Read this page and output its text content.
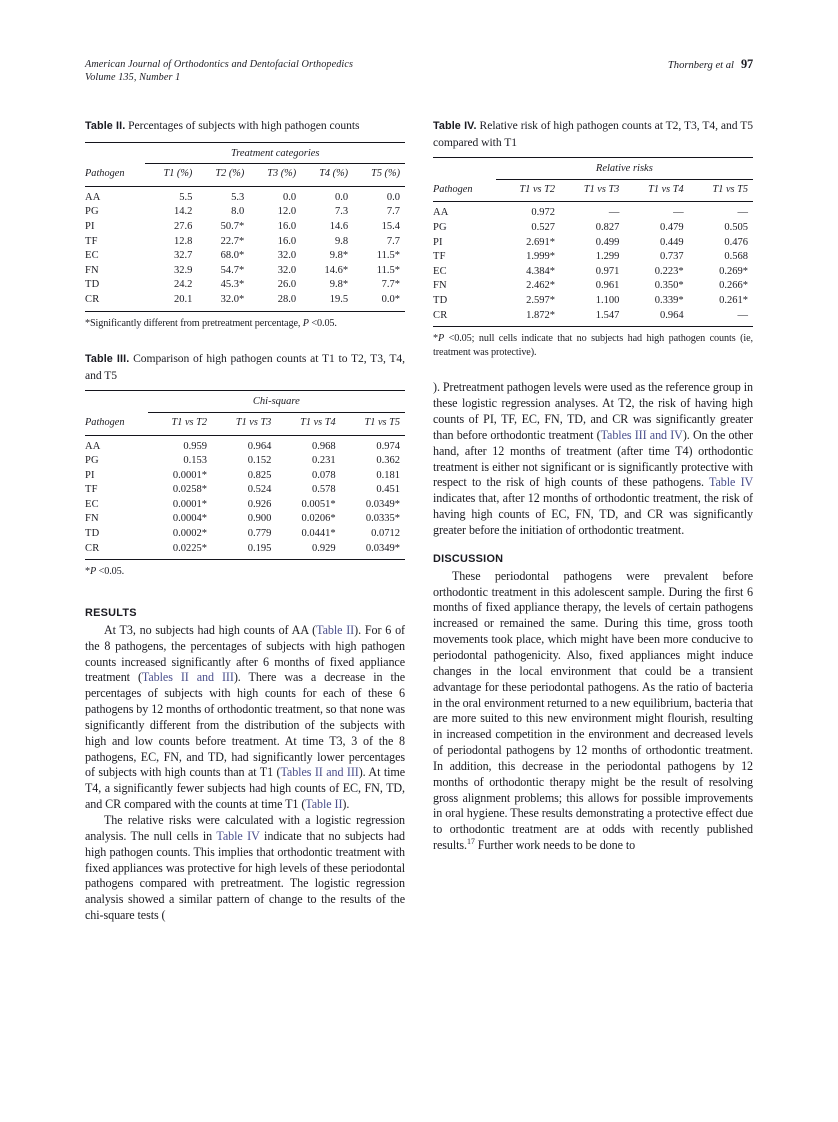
American Journal of Orthodontics and Dentofacial Orthopedics
Volume 135, Number 1
Thornberg et al 97

Table II. Percentages of subjects with high pathogen counts

	Treatment categories				

Pathogen	T1 (%)	T2 (%)	T3 (%)	T4 (%)	T5 (%)
AA	5.5	5.3	0.0	0.0	0.0
PG	14.2	8.0	12.0	7.3	7.7
PI	27.6	50.7*	16.0	14.6	15.4
TF	12.8	22.7*	16.0	9.8	7.7
EC	32.7	68.0*	32.0	9.8*	11.5*
FN	32.9	54.7*	32.0	14.6*	11.5*
TD	24.2	45.3*	26.0	9.8*	7.7*
CR	20.1	32.0*	28.0	19.5	0.0*

*Significantly different from pretreatment percentage, P <0.05.

Table III. Comparison of high pathogen counts at T1 to T2, T3, T4, and T5

	Chi-square			

Pathogen	T1 vs T2	T1 vs T3	T1 vs T4	T1 vs T5
AA	0.959	0.964	0.968	0.974
PG	0.153	0.152	0.231	0.362
PI	0.0001*	0.825	0.078	0.181
TF	0.0258*	0.524	0.578	0.451
EC	0.0001*	0.926	0.0051*	0.0349*
FN	0.0004*	0.900	0.0206*	0.0335*
TD	0.0002*	0.779	0.0441*	0.0712
CR	0.0225*	0.195	0.929	0.0349*

*P <0.05.

RESULTS

At T3, no subjects had high counts of AA (Table II). For 6 of the 8 pathogens, the percentages of subjects with high pathogen counts increased significantly after 6 months of fixed appliance treatment (Tables II and III). There was a decrease in the percentages of subjects with high counts for each of these 6 pathogens by 12 months of orthodontic treatment, so that none was significantly different from the distribution of the subjects with high and low counts before treatment. At time T3, 3 of the 8 pathogens, EC, FN, and TD, had significantly lower percentages of subjects with high counts than at T1 (Tables II and III). At time T4, a significantly fewer subjects had high counts of EC, FN, TD, and CR compared with the counts at time T1 (Table II).

The relative risks were calculated with a logistic regression analysis. The null cells in Table IV indicate that no subjects had high pathogen counts. This implies that orthodontic treatment with fixed appliances was protective for high levels of these periodontal pathogens compared with pretreatment. The logistic regression analysis showed a similar pattern of change to the results of the chi-square tests (

Table IV. Relative risk of high pathogen counts at T2, T3, T4, and T5 compared with T1

	Relative risks			

Pathogen	T1 vs T2	T1 vs T3	T1 vs T4	T1 vs T5
AA	0.972	—	—	—
PG	0.527	0.827	0.479	0.505
PI	2.691*	0.499	0.449	0.476
TF	1.999*	1.299	0.737	0.568
EC	4.384*	0.971	0.223*	0.269*
FN	2.462*	0.961	0.350*	0.266*
TD	2.597*	1.100	0.339*	0.261*
CR	1.872*	1.547	0.964	—

*P <0.05; null cells indicate that no subjects had high pathogen counts (ie, treatment was protective).

). Pretreatment pathogen levels were used as the reference group in these logistic regression analyses. At T2, the risk of having high counts of PI, TF, EC, FN, TD, and CR was significantly greater than before orthodontic treatment (Tables III and IV). On the other hand, after 12 months of treatment (after time T4) orthodontic treatment is either not significant or is significantly protective with respect to the risk of high counts of these pathogens. Table IV indicates that, after 12 months of orthodontic treatment, the risk of having high counts of EC, FN, TD, and CR was significantly greater before the initiation of orthodontic treatment.

DISCUSSION

These periodontal pathogens were prevalent before orthodontic treatment in this adolescent sample. During the first 6 months of fixed appliance therapy, the levels of certain pathogens increased or remained the same. During this time, gross tooth movements took place, which might have been more conducive to periodontal pathogenicity. Also, fixed appliances might induce changes in the local environment that could be a transient advantage for these periodontal pathogens. As the ratio of bacteria in the oral environment returned to a new equilibrium, bacteria that are more suited to this new environment might flourish, resulting in increased competition in the environment and decreased levels of periodontal pathogens by 12 months of orthodontic treatment. In addition, this decrease in the periodontal pathogens by 12 months of orthodontic therapy might be the result of resolving gross alignment problems; this allows for possible improvements in oral hygiene. These results demonstrating a protective effect due to orthodontic treatment are at odds with recently published results.$^{17}$ Further work needs to be done to
